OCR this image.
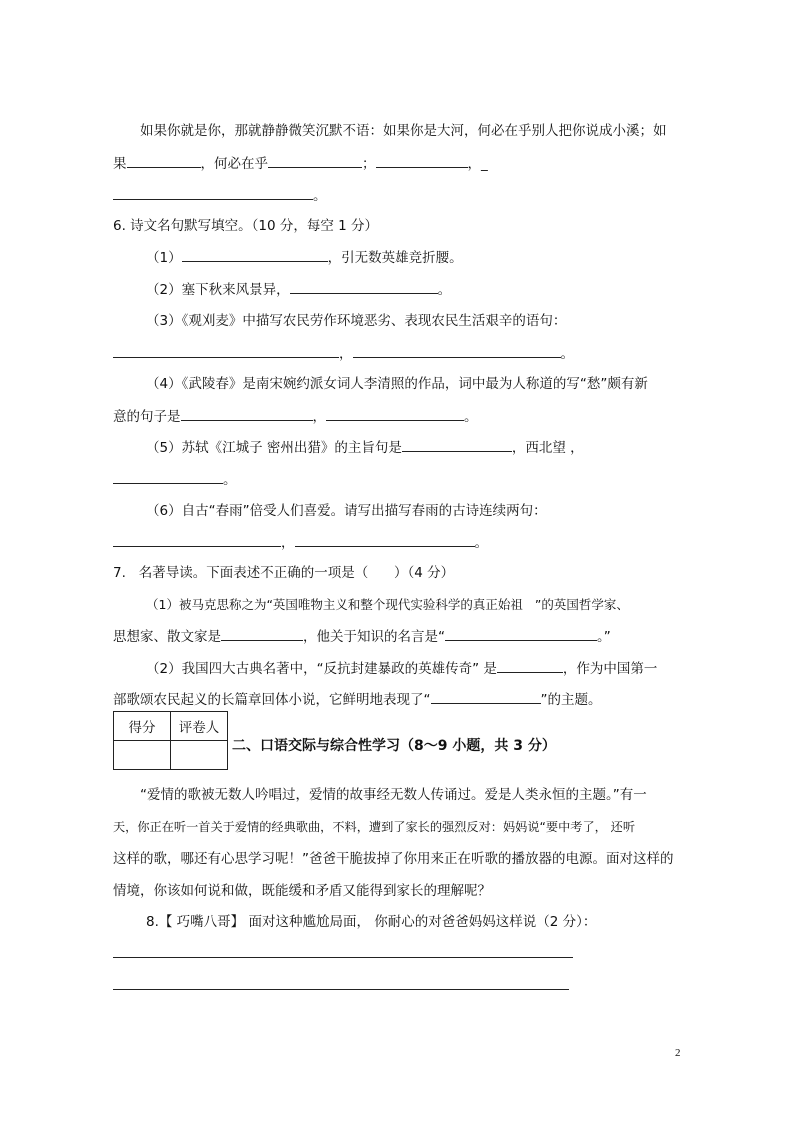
如果你就是你，那就静静微笑沉默不语：如果你是大河，何必在乎别人把你说成小溪；如
果	，何必在乎	；	，_
。
6. 诗文名句默写填空。（10 分，每空 1 分）
（1）	，引无数英雄竞折腰。
（2）塞下秋来风景异，	。
（3）《观刈麦》中描写农民劳作环境恶劣、表现农民生活艰辛的语句：
，	。
（4）《武陵春》是南宋婉约派女词人李清照的作品，词中最为人称道的写“愁”颇有新
意的句子是	，	。
（5）苏轼《江城子 密州出猎》的主旨句是	，西北望 ，
。
（6）自古“春雨”倍受人们喜爱。请写出描写春雨的古诗连续两句：
，	。
7.   名著导读。下面表述不正确的一项是（      ）（4 分）
（1）被马克思称之为“英国唯物主义和整个现代实验科学的真正始祖   ”的英国哲学家、
思想家、散文家是	，他关于知识的名言是“	。”
（2）我国四大古典名著中，“反抗封建暴政的英雄传奇” 是	，作为中国第一
部歌颂农民起义的长篇章回体小说，它鲜明地表现了“	”的主题。
得分	评卷人

二、口语交际与综合性学习（8～9 小题，共 3 分）
“爱情的歌被无数人吟唱过，爱情的故事经无数人传诵过。爱是人类永恒的主题。”有一
天，你正在听一首关于爱情的经典歌曲，不料，遭到了家长的强烈反对：妈妈说“要中考了， 还听
这样的歌，哪还有心思学习呢！”爸爸干脆拔掉了你用来正在听歌的播放器的电源。面对这样的
情境，你该如何说和做，既能缓和矛盾又能得到家长的理解呢？
8.【 巧嘴八哥】 面对这种尴尬局面， 你耐心的对爸爸妈妈这样说（2 分）：
2
